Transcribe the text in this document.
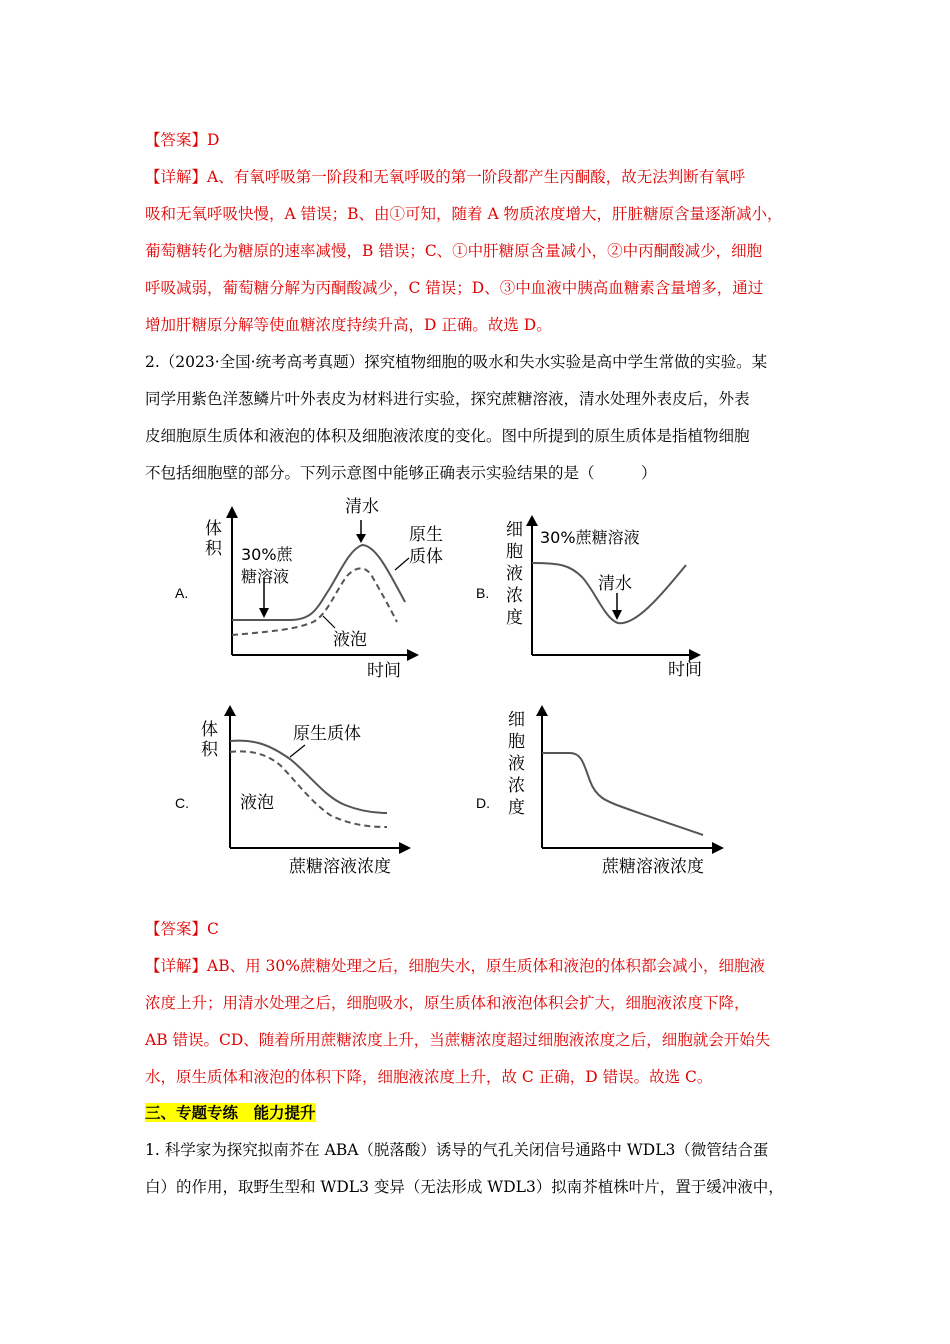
【答案】D
【详解】A、有氧呼吸第一阶段和无氧呼吸的第一阶段都产生丙酮酸，故无法判断有氧呼
吸和无氧呼吸快慢，A 错误；B、由①可知，随着 A 物质浓度增大，肝脏糖原含量逐渐减小，
葡萄糖转化为糖原的速率减慢，B 错误；C、①中肝糖原含量减小，②中丙酮酸减少，细胞
呼吸减弱，葡萄糖分解为丙酮酸减少，C 错误；D、③中血液中胰高血糖素含量增多，通过
增加肝糖原分解等使血糖浓度持续升高，D 正确。故选 D。
2.（2023·全国·统考高考真题）探究植物细胞的吸水和失水实验是高中学生常做的实验。某
同学用紫色洋葱鳞片叶外表皮为材料进行实验，探究蔗糖溶液，清水处理外表皮后，外表
皮细胞原生质体和液泡的体积及细胞液浓度的变化。图中所提到的原生质体是指植物细胞
不包括细胞壁的部分。下列示意图中能够正确表示实验结果的是（　　　）
A.	B.
C.	D.
体
积 30%蔗
糖溶液
清水
原生
质体
液泡
时间
细
胞
液
浓
度
30%蔗糖溶液
清水
时间
体
积
原生质体
液泡
蔗糖溶液浓度
细
胞
液
浓
度
蔗糖溶液浓度
【答案】C
【详解】AB、用 30%蔗糖处理之后，细胞失水，原生质体和液泡的体积都会减小，细胞液
浓度上升；用清水处理之后，细胞吸水，原生质体和液泡体积会扩大，细胞液浓度下降，
AB 错误。CD、随着所用蔗糖浓度上升，当蔗糖浓度超过细胞液浓度之后，细胞就会开始失
水，原生质体和液泡的体积下降，细胞液浓度上升，故 C 正确，D 错误。故选 C。
三、专题专练　能力提升
1. 科学家为探究拟南芥在 ABA（脱落酸）诱导的气孔关闭信号通路中 WDL3（微管结合蛋
白）的作用，取野生型和 WDL3 变异（无法形成 WDL3）拟南芥植株叶片，置于缓冲液中，
